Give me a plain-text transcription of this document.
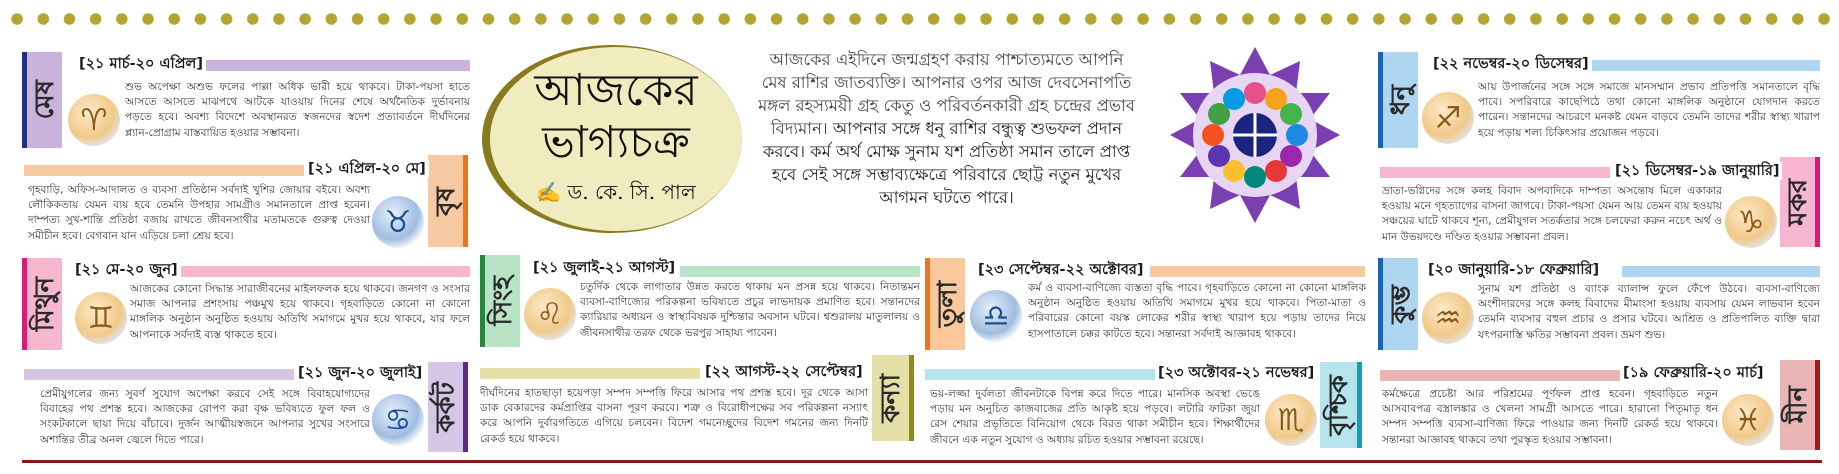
মেষ
[২১ মার্চ-২০ এপ্রিল]
♈
শুভ অপেক্ষা অশুভ ফলের পাল্লা অধিক ভারী হয়ে থাকবে। টাকা-পয়সা হাতে আসতে আসতে মাঝপথে আটকে যাওয়ায় দিনের শেষে অর্থনৈতিক দুর্ভাবনায় পড়তে হবে। অবশ্য বিদেশে অবস্থানরত স্বজনদের স্বদেশ প্রত্যাবর্তনে দীর্ঘদিনের প্ল্যান-প্রোগ্রাম বাস্তবায়িত হওয়ার সম্ভাবনা।
বৃষ
[২১ এপ্রিল-২০ মে]
♉
গৃহবাড়ি, অফিস-আদালত ও ব্যবসা প্রতিষ্ঠান সর্বদাই খুশির জোয়ার বইবে। অবশ্য লৌকিকতায় যেমন ব্যয় হবে তেমনি উপহার সামগ্রীও সমানতালে প্রাপ্ত হবেন। দাম্পত্য সুখ-শান্তি প্রতিষ্ঠা বজায় রাখতে জীবনসাথীর মতামতকে গুরুত্ব দেওয়া সমীচীন হবে। বেগবান যান এড়িয়ে চলা শ্রেয় হবে।
মিথুন
[২১ মে-২০ জুন]
♊
আজকের কোনো সিদ্ধান্ত সারাজীবনের মাইলফলক হয়ে থাকবে। জনগণ ও সংসার সমাজ আপনার প্রশংসায় পঞ্চমুখ হয়ে থাকবে। গৃহবাড়িতে কোনো না কোনো মাঙ্গলিক অনুষ্ঠান অনুষ্ঠিত হওয়ায় অতিথি সমাগমে মুখর হয়ে থাকবে, যার ফলে আপনাকে সর্বদাই ব্যস্ত থাকতে হবে।
কর্কট
[২১ জুন-২০ জুলাই]
♋
প্রেমীযুগলের জন্য সুবর্ণ সুযোগ অপেক্ষা করবে সেই সঙ্গে বিবাহযোগ্যদের বিবাহের পথ প্রশস্ত হবে। আজকের রোপণ করা বৃক্ষ ভবিষ্যতে ফুল ফল ও সংকটকালে ছায়া দিয়ে বাঁচাবে। দুর্জন আত্মীয়স্বজনে আপনার সুখের সংসারে অশান্তির তীব্র অনল জ্বেলে দিতে পারে।
আজকের
ভাগ্যচক্র
✍ ড. কে. সি. পাল
আজকের এইদিনে জন্মগ্রহণ করায় পাশ্চাত্যমতে আপনি মেষ রাশির জাতব্যক্তি। আপনার ওপর আজ দেবসেনাপতি মঙ্গল রহস্যময়ী গ্রহ কেতু ও পরিবর্তনকারী গ্রহ চন্দ্রের প্রভাব বিদ্যমান। আপনার সঙ্গে ধনু রাশির বন্ধুত্ব শুভফল প্রদান করবে। কর্ম অর্থ মোক্ষ সুনাম যশ প্রতিষ্ঠা সমান তালে প্রাপ্ত হবে সেই সঙ্গে সম্ভাব্যক্ষেত্রে পরিবারে ছোট্ট নতুন মুখের আগমন ঘটতে পারে।
সিংহ
[২১ জুলাই-২১ আগস্ট]
♌
চতুর্দিক থেকে লাগাতার উন্নত করতে থাকায় মন প্রসন্ন হয়ে থাকবে। নিতান্তমন ব্যবসা-বাণিজ্যের পরিকল্পনা ভবিষ্যতে প্রচুর লাভদায়ক প্রমাণিত হবে। সন্তানদের ক্যারিয়ার অধ্যয়ন ও স্বাস্থ্যবিষয়ক দুশ্চিন্তার অবসান ঘটবে। শ্বশুরালয় মাতুলালয় ও জীবনসাথীর তরফ থেকে ভরপুর সাহায্য পাবেন।
কন্যা
[২২ আগস্ট-২২ সেপ্টেম্বর]
দীর্ঘদিনের হাতছাড়া হয়েপড়া সম্পদ সম্পত্তি ফিরে আসার পথ প্রশস্ত হবে। দূর থেকে আসা ডাক বেকারদের কর্মপ্রাপ্তির বাসনা পূরণ করবে। শত্রু ও বিরোধীপক্ষের সব পরিকল্পনা নস্যাৎ করে আপনি দুর্বারগতিতে এগিয়ে চলবেন। বিদেশ গমনেচ্ছুদের বিদেশ গমনের জন্য দিনটি রেকর্ড হয়ে থাকবে।
তুলা
[২৩ সেপ্টেম্বর-২২ অক্টোবর]
♎
কর্ম ও ব্যবসা-বাণিজ্যে ব্যস্ততা বৃদ্ধি পাবে। গৃহবাড়িতে কোনো না কোনো মাঙ্গলিক অনুষ্ঠান অনুষ্ঠিত হওয়ায় অতিথি সমাগমে মুখর হয়ে থাকবে। পিতা-মাতা ও পরিবারের কোনো বয়স্ক লোকের শরীর স্বাস্থ্য খারাপ হয়ে পড়ায় তাদের নিয়ে হাসপাতালে চক্কর কাটতে হবে। সন্তানরা সর্বদাই আজ্ঞাবহ থাকবে।
বৃশ্চিক
[২৩ অক্টোবর-২১ নভেম্বর]
♏
ভয়-লজ্জা দুর্বলতা জীবনটাকে বিপন্ন করে দিতে পারে। মানসিক অবস্থা ভেঙে পড়ায় মন অনুচিত কাজবাজের প্রতি আকৃষ্ট হয়ে পড়বে। লটারি ফাটকা জুয়া রেস শেয়ার প্রভৃতিতে বিনিয়োগ থেকে বিরত থাকা সমীচীন হবে। শিক্ষার্থীদের জীবনে এক নতুন সুযোগ ও অধ্যায় রচিত হওয়ার সম্ভাবনা রয়েছে।
ধনু
[২২ নভেম্বর-২০ ডিসেম্বর]
♐
আয় উপার্জনের সঙ্গে সঙ্গে সমাজে মানসম্মান প্রভাব প্রতিপত্তি সমানতালে বৃদ্ধি পাবে। সপরিবারে কাছেপিঠে তথা কোনো মাঙ্গলিক অনুষ্ঠানে যোগদান করতে পারেন। সন্তানদের আচরণে মনকষ্ট যেমন বাড়বে তেমনি তাদের শরীর স্বাস্থ্য খারাপ হয়ে পড়ায় শল্য চিকিৎসার প্রয়োজন পড়বে।
মকর
[২১ ডিসেম্বর-১৯ জানুয়ারি]
♑
ভ্রাতা-ভগ্নিদের সঙ্গে কলহ বিবাদ অপবাদিকে দাম্পত্য অসন্তোষ মিলে একাকার হওয়ায় মনে গৃহত্যাগের বাসনা জাগবে। টাকা-পয়সা যেমন আয় তেমন ব্যয় হওয়ায় সঞ্চয়ের ঘাটে থাকবে শূন্য, প্রেমীযুগল সতর্কতার সঙ্গে চলফেরা করুন নচেৎ অর্থ ও মান উভয়দণ্ডে দণ্ডিত হওয়ার সম্ভাবনা প্রবল।
কুম্ভ
[২০ জানুয়ারি-১৮ ফেব্রুয়ারি]
♒
সুনাম যশ প্রতিষ্ঠা ও ব্যাংক ব্যালান্স ফুলে ফেঁপে উঠবে। ব্যবসা-বাণিজ্যে অংশীদারদের সঙ্গে কলহ বিবাদের মীমাংসা হওয়ায় ব্যবসায় যেমন লাভবান হবেন তেমনি ব্যবসার বহুল প্রচার ও প্রসার ঘটবে। আশ্রিত ও প্রতিপালিত ব্যক্তি দ্বারা যৎপরনাস্তি ক্ষতির সম্ভাবনা প্রবল। ভ্রমণ শুভ।
মীন
[১৯ ফেব্রুয়ারি-২০ মার্চ]
♓
কর্মক্ষেত্রে প্রচেষ্টা আর পরিশ্রমের পূর্ণফল প্রাপ্ত হবেন। গৃহবাড়িতে নতুন আসবাবপত্র বস্ত্রালঙ্কার ও খেলনা সামগ্রী আসতে পারে। হারানো পিতৃমাতৃ ধন সম্পদ সম্পত্তি ব্যবসা-বাণিজ্য ফিরে পাওয়ার জন্য দিনটি রেকর্ড হয়ে থাকবে। সন্তানরা আজ্ঞাবহ থাকবে তথা পুরস্কৃত হওয়ার সম্ভাবনা।
